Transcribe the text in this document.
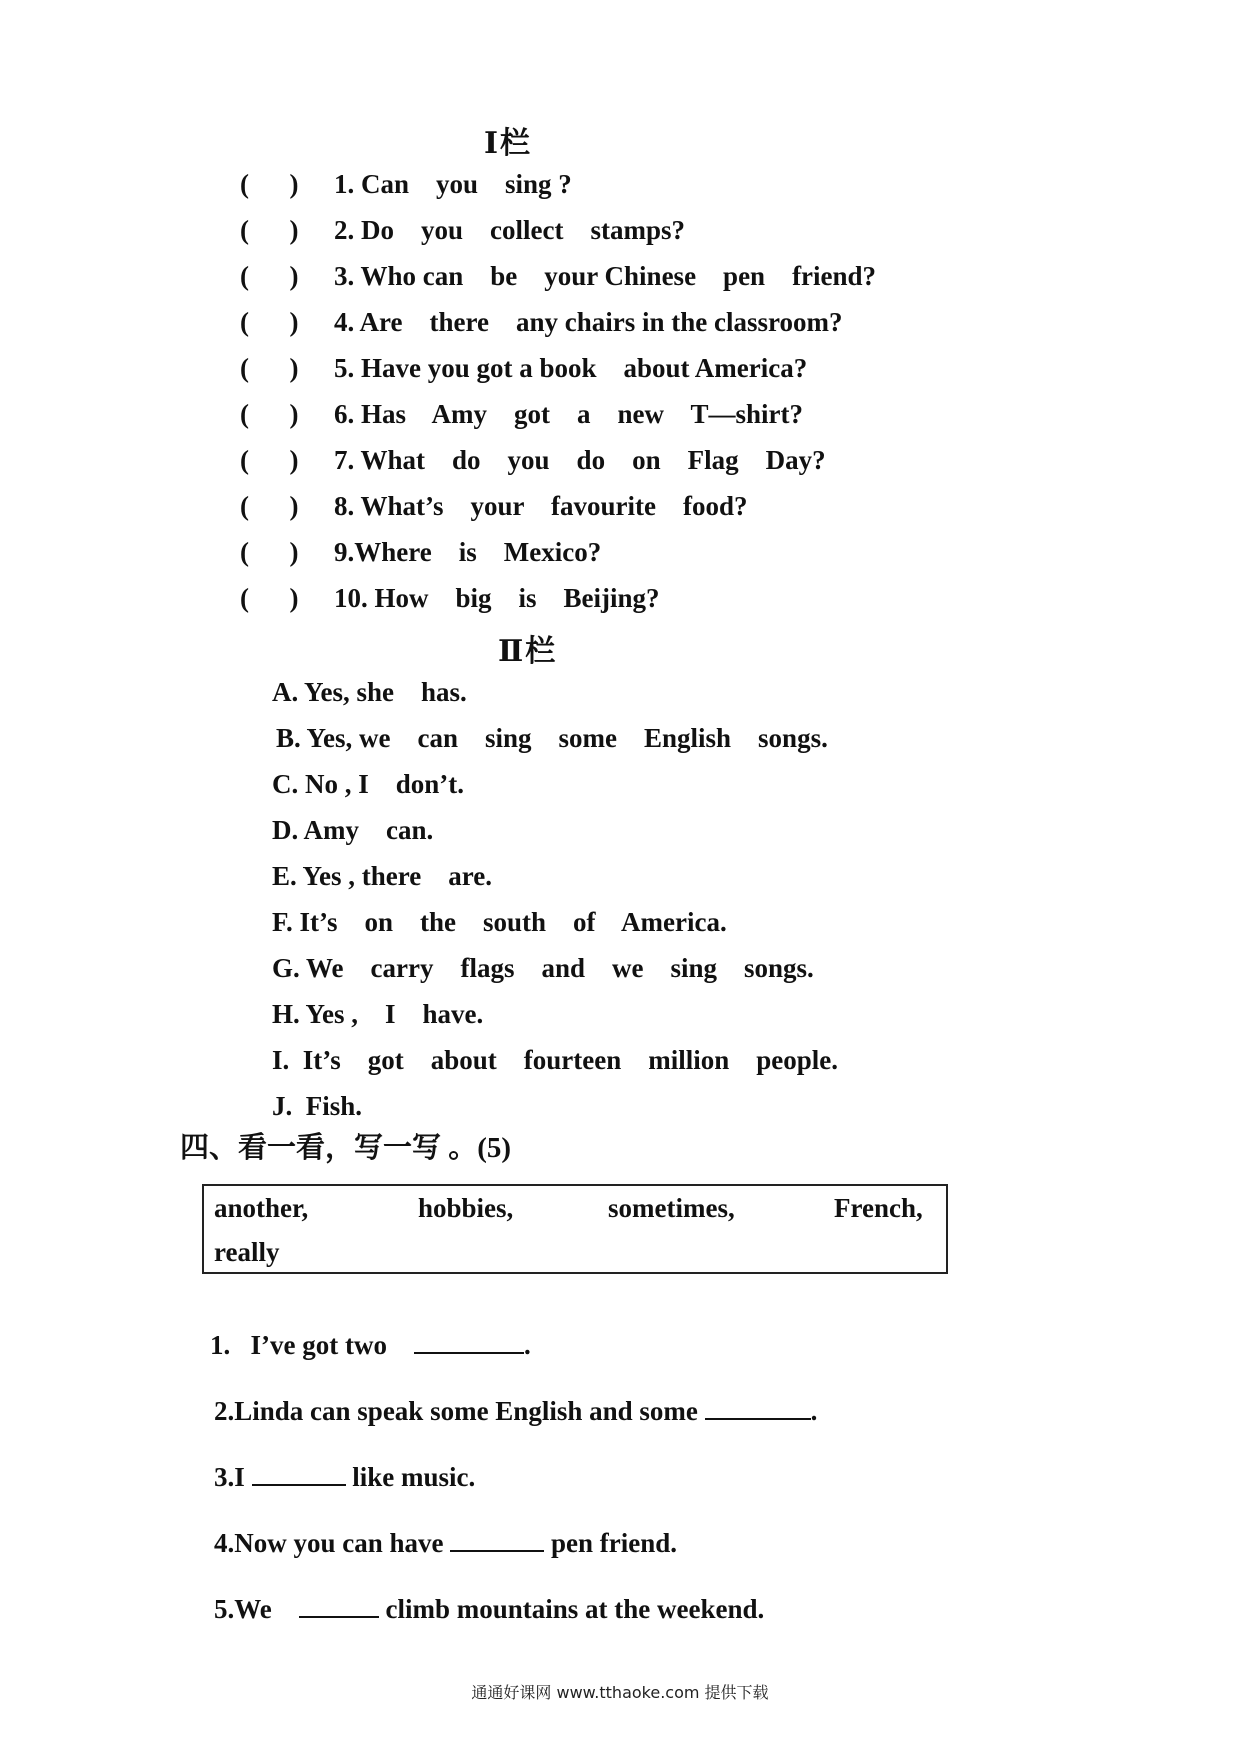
Ⅰ栏
(      ) 1. Can    you    sing ?
(      ) 2. Do    you    collect    stamps?
(      ) 3. Who can    be    your Chinese    pen    friend?
(      ) 4. Are    there    any chairs in the classroom?
(      ) 5. Have you got a book    about America?
(      ) 6. Has    Amy    got    a    new    T—shirt?
(      ) 7. What    do    you    do    on    Flag    Day?
(      ) 8. What’s    your    favourite    food?
(      ) 9.Where    is    Mexico?
(      ) 10. How    big    is    Beijing?
Ⅱ栏
A. Yes, she    has.
B. Yes, we    can    sing    some    English    songs.
C. No , I    don’t.
D. Amy    can.
E. Yes , there    are.
F. It’s    on    the    south    of    America.
G. We    carry    flags    and    we    sing    songs.
H. Yes ,    I    have.
I.  It’s    got    about    fourteen    million    people.
J.  Fish.
四、看一看，写一写 。(5)
another,	hobbies,	sometimes,	French,
really
1.   I’ve got two	.
2.Linda can speak some English and some	.
3.I	like music.
4.Now you can have	pen friend.
5.We	climb mountains at the weekend.
通通好课网 www.tthaoke.com 提供下载
